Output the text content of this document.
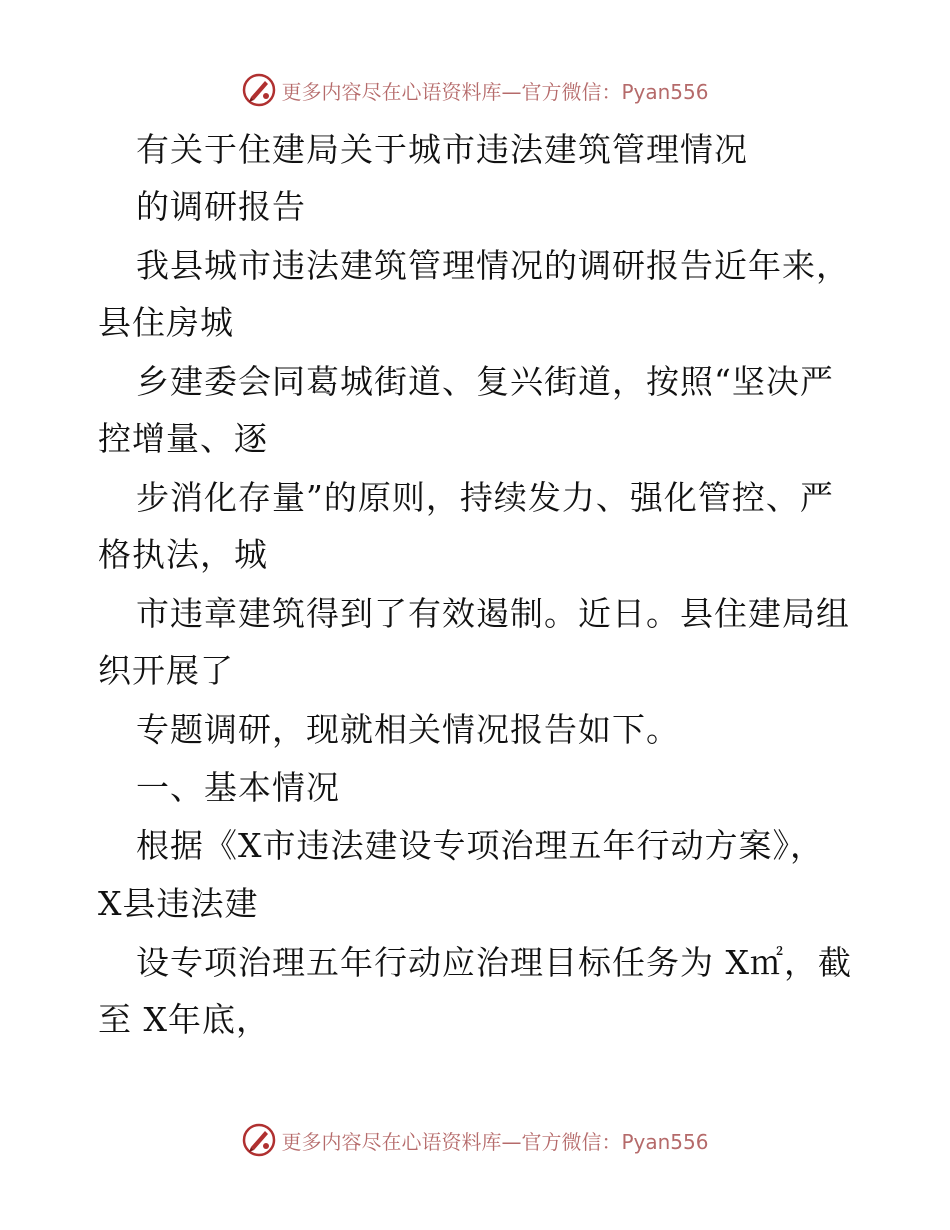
更多内容尽在心语资料库—官方微信：Pyan556
有关于住建局关于城市违法建筑管理情况
的调研报告
我县城市违法建筑管理情况的调研报告近年来，
县住房城
乡建委会同葛城街道、复兴街道，按照“坚决严
控增量、逐
步消化存量”的原则，持续发力、强化管控、严
格执法，城
市违章建筑得到了有效遏制。近日。县住建局组
织开展了
专题调研，现就相关情况报告如下。
一、基本情况
根据《X市违法建设专项治理五年行动方案》，
X县违法建
设专项治理五年行动应治理目标任务为 X㎡，截
至 X年底，
更多内容尽在心语资料库—官方微信：Pyan556
